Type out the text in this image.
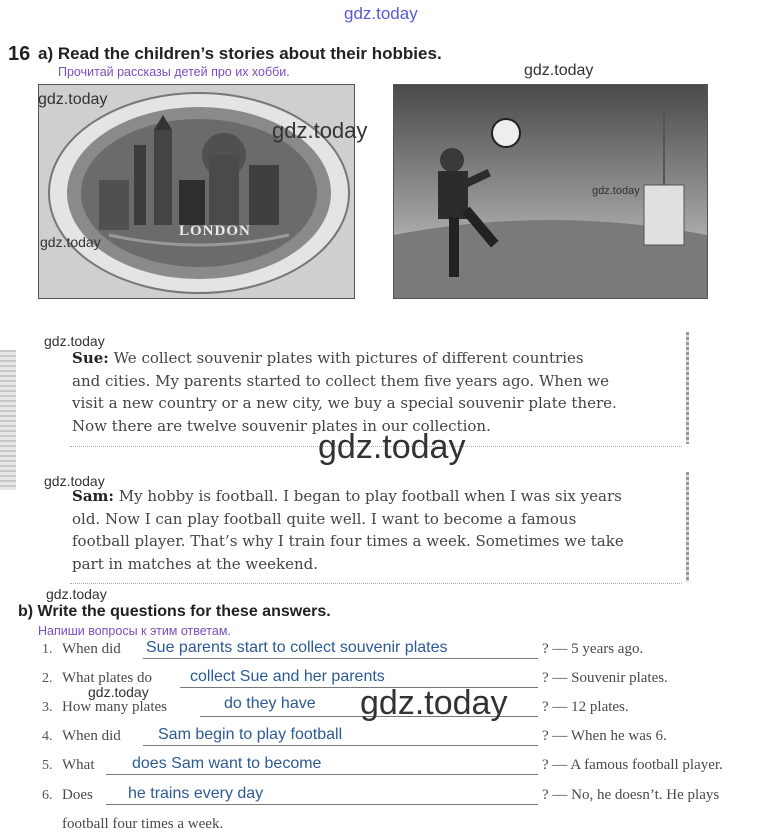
gdz.today
16 a) Read the children’s stories about their hobbies.
Прочитай рассказы детей про их хобби.
LONDON
gdz.today
gdz.today
gdz.today
gdz.today
gdz.today
gdz.today
Sue: We collect souvenir plates with pictures of different countries
and cities. My parents started to collect them five years ago. When we
visit a new country or a new city, we buy a special souvenir plate there.
Now there are twelve souvenir plates in our collection.
gdz.today
gdz.today
Sam: My hobby is football. I began to play football when I was six years
old. Now I can play football quite well. I want to become a famous
football player. That’s why I train four times a week. Sometimes we take
part in matches at the weekend.
gdz.today
b) Write the questions for these answers.
Напиши вопросы к этим ответам.
1. When did Sue parents start to collect souvenir plates	? — 5 years ago.
2. What plates do collect Sue and her parents	? — Souvenir plates.
gdz.today
3. How many plates	do they have	? — 12 plates.
gdz.today
4. When did Sam begin to play football	? — When he was 6.
5. What does Sam want to become	? — A famous football player.
6. Does he trains every day	? — No, he doesn’t. He plays
football four times a week.
